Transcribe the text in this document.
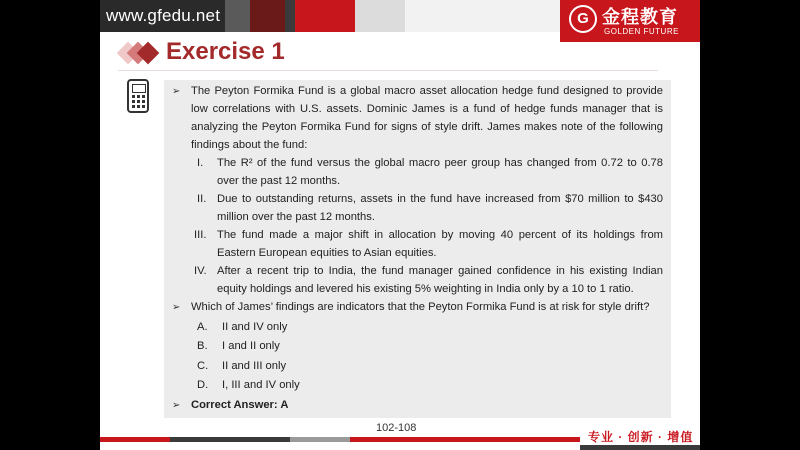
www.gfedu.net	G 金程教育
GOLDEN FUTURE
Exercise 1
➢ The Peyton Formika Fund is a global macro asset allocation hedge fund designed to provide low correlations with U.S. assets. Dominic James is a fund of hedge funds manager that is analyzing the Peyton Formika Fund for signs of style drift. James makes note of the following findings about the fund:
I. The R² of the fund versus the global macro peer group has changed from 0.72 to 0.78 over the past 12 months.
II. Due to outstanding returns, assets in the fund have increased from $70 million to $430 million over the past 12 months.
III. The fund made a major shift in allocation by moving 40 percent of its holdings from Eastern European equities to Asian equities.
IV. After a recent trip to India, the fund manager gained confidence in his existing Indian equity holdings and levered his existing 5% weighting in India only by a 10 to 1 ratio.
➢ Which of James’ findings are indicators that the Peyton Formika Fund is at risk for style drift?
A. II and IV only
B. I and II only
C. II and III only
D. I, III and IV only
➢ Correct Answer: A
102-108
专业 · 创新 · 增值
